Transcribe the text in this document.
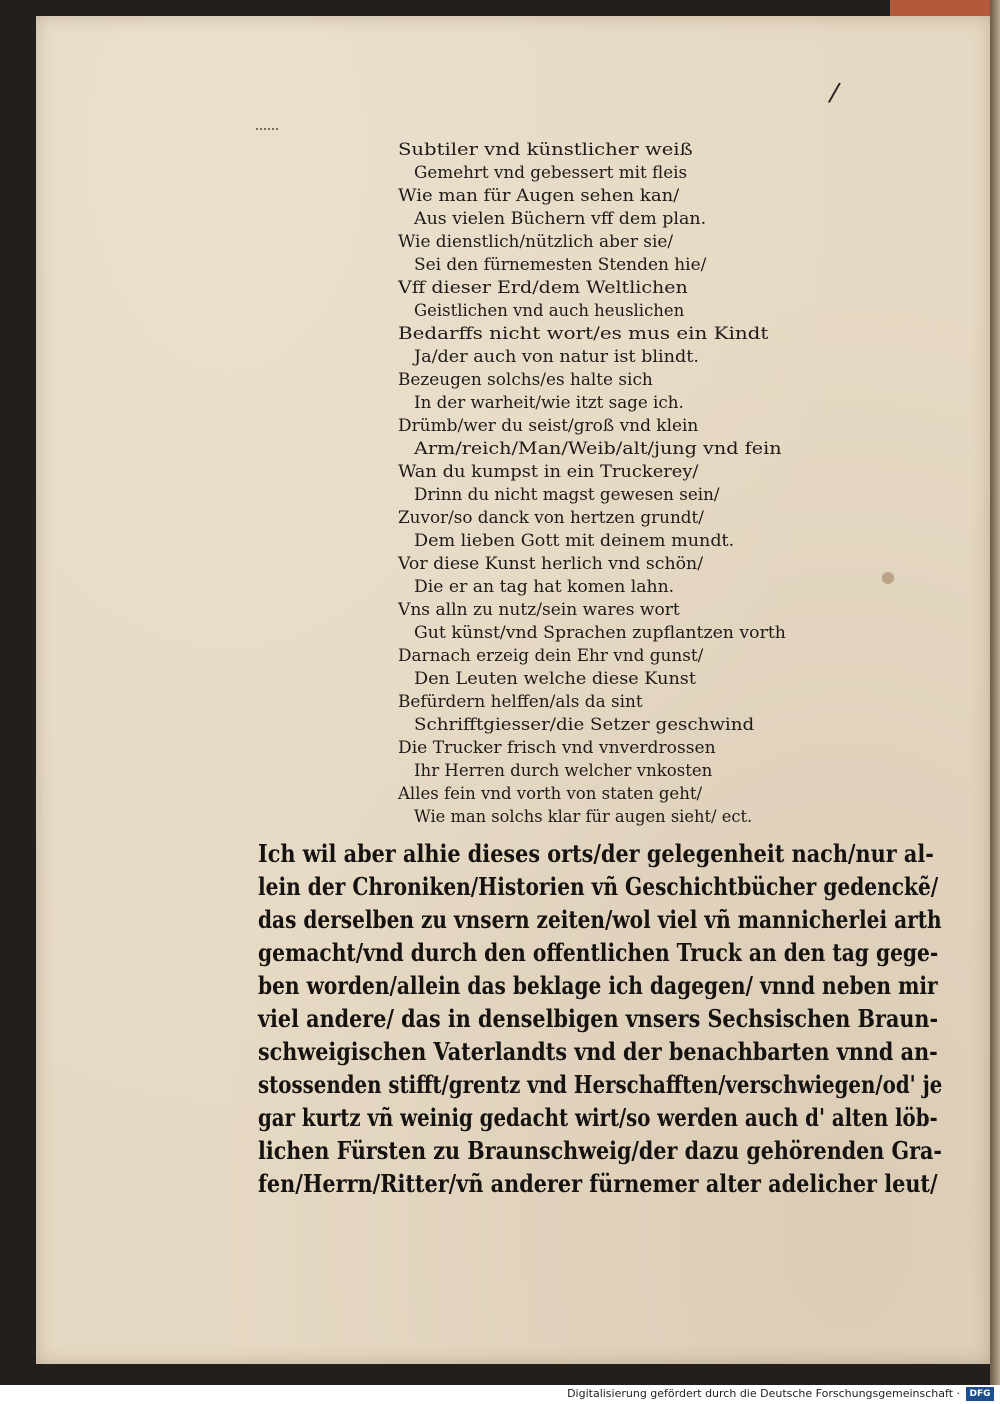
/
Subtiler vnd künstlicher weiß
Gemehrt vnd gebessert mit fleis
Wie man für Augen sehen kan/
Aus vielen Büchern vff dem plan.
Wie dienstlich/nützlich aber sie/
Sei den fürnemesten Stenden hie/
Vff dieser Erd/dem Weltlichen
Geistlichen vnd auch heuslichen
Bedarffs nicht wort/es mus ein Kindt
Ja/der auch von natur ist blindt.
Bezeugen solchs/es halte sich
In der warheit/wie itzt sage ich.
Drümb/wer du seist/groß vnd klein
Arm/reich/Man/Weib/alt/jung vnd fein
Wan du kumpst in ein Truckerey/
Drinn du nicht magst gewesen sein/
Zuvor/so danck von hertzen grundt/
Dem lieben Gott mit deinem mundt.
Vor diese Kunst herlich vnd schön/
Die er an tag hat komen lahn.
Vns alln zu nutz/sein wares wort
Gut künst/vnd Sprachen zupflantzen vorth
Darnach erzeig dein Ehr vnd gunst/
Den Leuten welche diese Kunst
Befürdern helffen/als da sint
Schrifftgiesser/die Setzer geschwind
Die Trucker frisch vnd vnverdrossen
Ihr Herren durch welcher vnkosten
Alles fein vnd vorth von staten geht/
Wie man solchs klar für augen sieht/ ect.
Ich wil aber alhie dieses orts/der gelegenheit nach/nur al-
lein der Chroniken/Historien vñ Geschichtbücher gedenckẽ/
das derselben zu vnsern zeiten/wol viel vñ mannicherlei arth
gemacht/vnd durch den offentlichen Truck an den tag gege-
ben worden/allein das beklage ich dagegen/ vnnd neben mir
viel andere/ das in denselbigen vnsers Sechsischen Braun-
schweigischen Vaterlandts vnd der benachbarten vnnd an-
stossenden stifft/grentz vnd Herschafften/verschwiegen/od' je
gar kurtz vñ weinig gedacht wirt/so werden auch d' alten löb-
lichen Fürsten zu Braunschweig/der dazu gehörenden Gra-
fen/Herrn/Ritter/vñ anderer fürnemer alter adelicher leut/
Digitalisierung gefördert durch die Deutsche Forschungsgemeinschaft ·	DFG
